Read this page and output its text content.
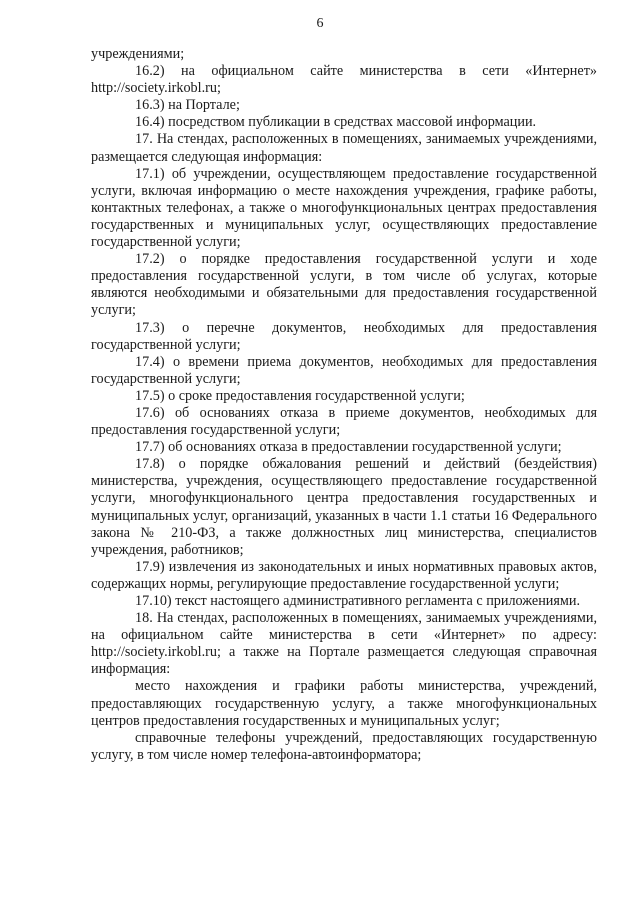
6

учреждениями;

16.2) на официальном сайте министерства в сети «Интернет» http://society.irkobl.ru;

16.3) на Портале;

16.4) посредством публикации в средствах массовой информации.

17. На стендах, расположенных в помещениях, занимаемых учреждениями, размещается следующая информация:

17.1) об учреждении, осуществляющем предоставление государственной услуги, включая информацию о месте нахождения учреждения, графике работы, контактных телефонах, а также о многофункциональных центрах предоставления государственных и муниципальных услуг, осуществляющих предоставление государственной услуги;

17.2) о порядке предоставления государственной услуги и ходе предоставления государственной услуги, в том числе об услугах, которые являются необходимыми и обязательными для предоставления государственной услуги;

17.3) о перечне документов, необходимых для предоставления государственной услуги;

17.4) о времени приема документов, необходимых для предоставления государственной услуги;

17.5) о сроке предоставления государственной услуги;

17.6) об основаниях отказа в приеме документов, необходимых для предоставления государственной услуги;

17.7) об основаниях отказа в предоставлении государственной услуги;

17.8) о порядке обжалования решений и действий (бездействия) министерства, учреждения, осуществляющего предоставление государственной услуги, многофункционального центра предоставления государственных и муниципальных услуг, организаций, указанных в части 1.1 статьи 16 Федерального закона № 210-ФЗ, а также должностных лиц министерства, специалистов учреждения, работников;

17.9) извлечения из законодательных и иных нормативных правовых актов, содержащих нормы, регулирующие предоставление государственной услуги;

17.10) текст настоящего административного регламента с приложениями.

18. На стендах, расположенных в помещениях, занимаемых учреждениями, на официальном сайте министерства в сети «Интернет» по адресу: http://society.irkobl.ru; а также на Портале размещается следующая справочная информация:

место нахождения и графики работы министерства, учреждений, предоставляющих государственную услугу, а также многофункциональных центров предоставления государственных и муниципальных услуг;

справочные телефоны учреждений, предоставляющих государственную услугу, в том числе номер телефона-автоинформатора;
